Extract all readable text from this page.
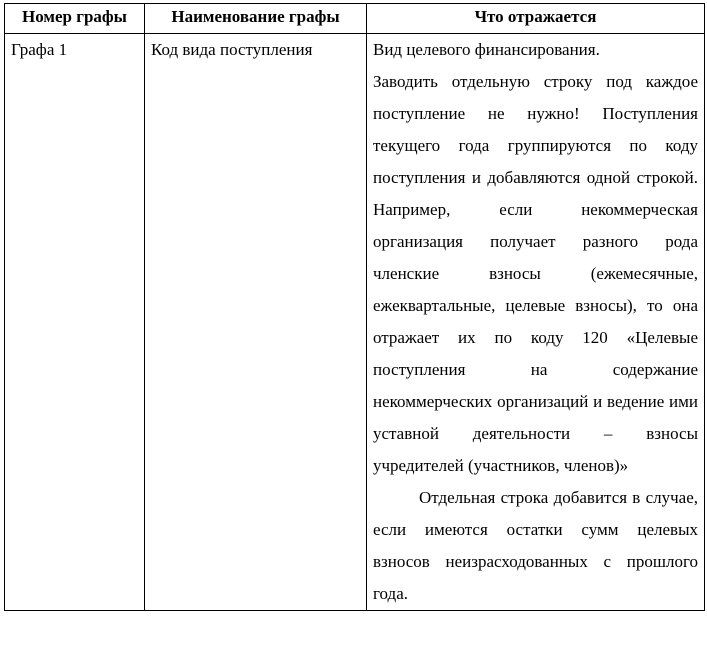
Номер графы	Наименование графы	Что отражается
Графа 1	Код вида поступления	Вид целевого финансирования.

Заводить отдельную строку под каждое поступление не нужно! Поступления текущего года группируются по коду поступления и добавляются одной строкой. Например, если некоммерческая организация получает разного рода членские взносы (ежемесячные, ежеквартальные, целевые взносы), то она отражает их по коду 120 «Целевые поступления на содержание некоммерческих организаций и ведение ими уставной деятельности – взносы учредителей (участников, членов)»

Отдельная строка добавится в случае, если имеются остатки сумм целевых взносов неизрасходованных с прошлого года.
